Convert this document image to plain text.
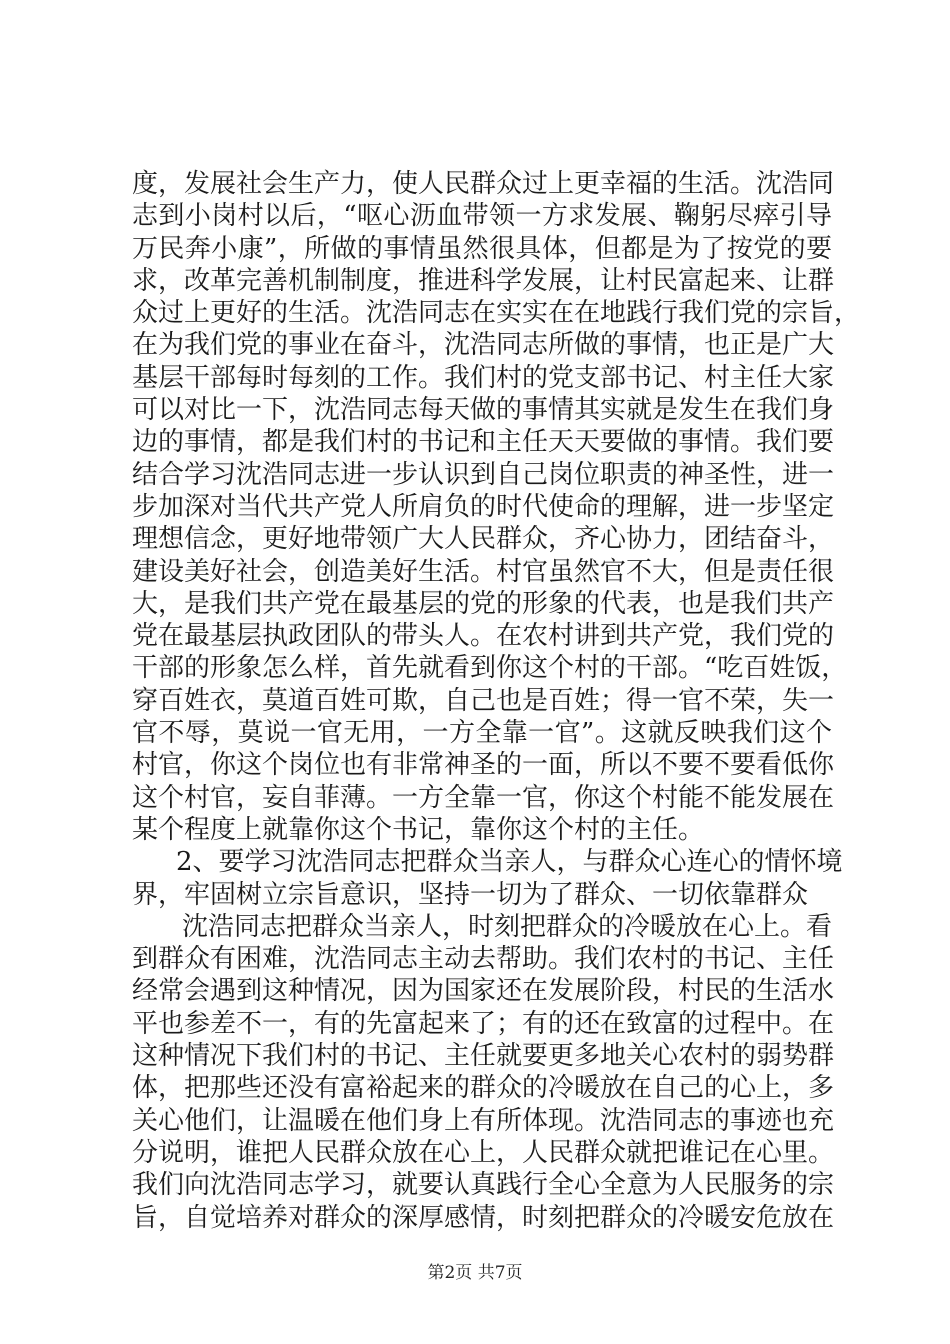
度，发展社会生产力，使人民群众过上更幸福的生活。沈浩同
志到小岗村以后，“呕心沥血带领一方求发展、鞠躬尽瘁引导
万民奔小康”，所做的事情虽然很具体，但都是为了按党的要
求，改革完善机制制度，推进科学发展，让村民富起来、让群
众过上更好的生活。沈浩同志在实实在在地践行我们党的宗旨，
在为我们党的事业在奋斗，沈浩同志所做的事情，也正是广大
基层干部每时每刻的工作。我们村的党支部书记、村主任大家
可以对比一下，沈浩同志每天做的事情其实就是发生在我们身
边的事情，都是我们村的书记和主任天天要做的事情。我们要
结合学习沈浩同志进一步认识到自己岗位职责的神圣性，进一
步加深对当代共产党人所肩负的时代使命的理解，进一步坚定
理想信念，更好地带领广大人民群众，齐心协力，团结奋斗，
建设美好社会，创造美好生活。村官虽然官不大，但是责任很
大，是我们共产党在最基层的党的形象的代表，也是我们共产
党在最基层执政团队的带头人。在农村讲到共产党，我们党的
干部的形象怎么样，首先就看到你这个村的干部。“吃百姓饭，
穿百姓衣，莫道百姓可欺，自己也是百姓；得一官不荣，失一
官不辱，莫说一官无用，一方全靠一官”。这就反映我们这个
村官，你这个岗位也有非常神圣的一面，所以不要不要看低你
这个村官，妄自菲薄。一方全靠一官，你这个村能不能发展在
某个程度上就靠你这个书记，靠你这个村的主任。
2、要学习沈浩同志把群众当亲人，与群众心连心的情怀境
界，牢固树立宗旨意识，坚持一切为了群众、一切依靠群众
沈浩同志把群众当亲人，时刻把群众的冷暖放在心上。看
到群众有困难，沈浩同志主动去帮助。我们农村的书记、主任
经常会遇到这种情况，因为国家还在发展阶段，村民的生活水
平也参差不一，有的先富起来了；有的还在致富的过程中。在
这种情况下我们村的书记、主任就要更多地关心农村的弱势群
体，把那些还没有富裕起来的群众的冷暖放在自己的心上，多
关心他们，让温暖在他们身上有所体现。沈浩同志的事迹也充
分说明，谁把人民群众放在心上，人民群众就把谁记在心里。
我们向沈浩同志学习，就要认真践行全心全意为人民服务的宗
旨，自觉培养对群众的深厚感情，时刻把群众的冷暖安危放在
第2页 共7页
